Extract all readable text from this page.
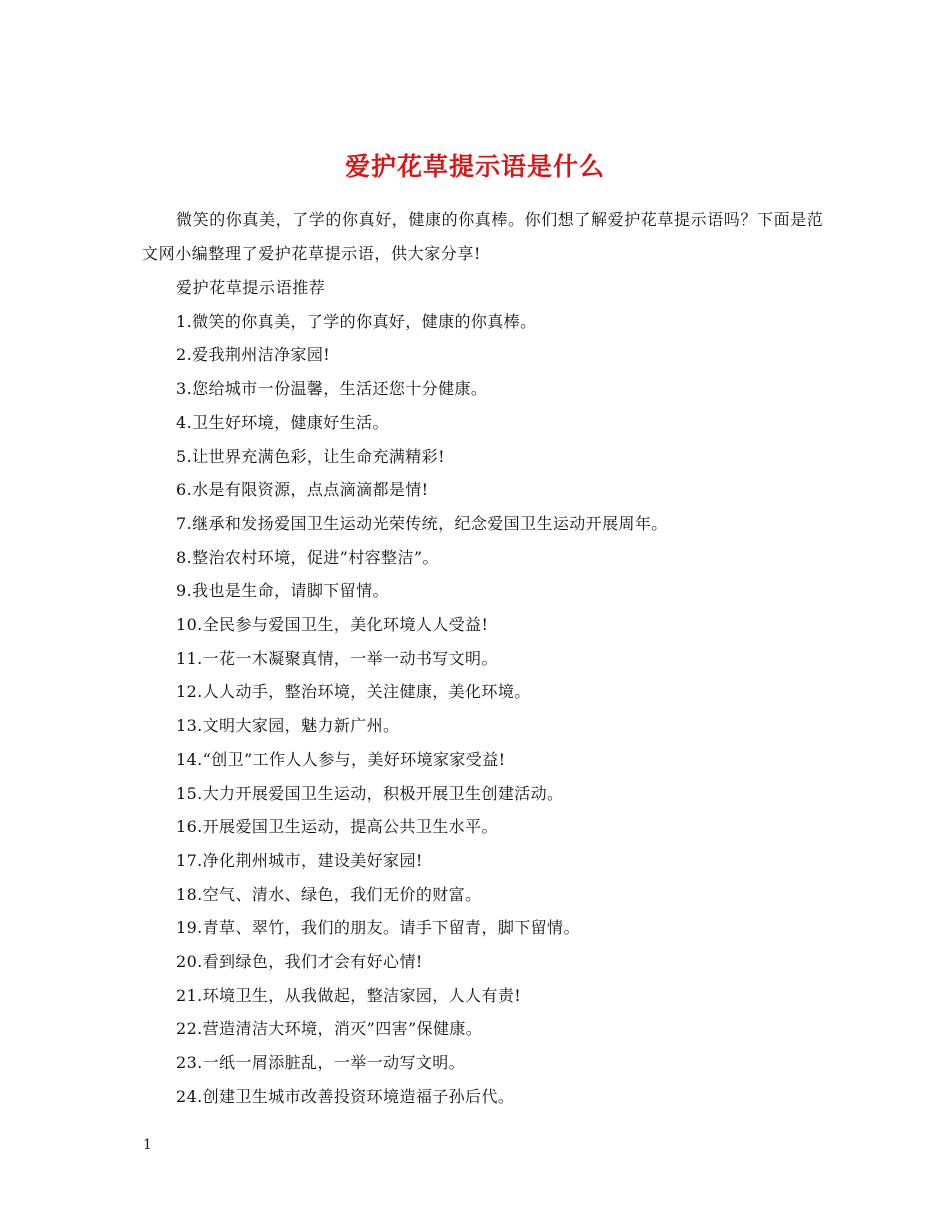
爱护花草提示语是什么

微笑的你真美，了学的你真好，健康的你真棒。你们想了解爱护花草提示语吗？下面是范文网小编整理了爱护花草提示语，供大家分享!

爱护花草提示语推荐

1.微笑的你真美，了学的你真好，健康的你真棒。
2.爱我荆州洁净家园!
3.您给城市一份温馨，生活还您十分健康。
4.卫生好环境，健康好生活。
5.让世界充满色彩，让生命充满精彩!
6.水是有限资源，点点滴滴都是情!
7.继承和发扬爱国卫生运动光荣传统，纪念爱国卫生运动开展周年。
8.整治农村环境，促进”村容整洁”。
9.我也是生命，请脚下留情。
10.全民参与爱国卫生，美化环境人人受益!
11.一花一木凝聚真情，一举一动书写文明。
12.人人动手，整治环境，关注健康，美化环境。
13.文明大家园，魅力新广州。
14.“创卫”工作人人参与，美好环境家家受益!
15.大力开展爱国卫生运动，积极开展卫生创建活动。
16.开展爱国卫生运动，提高公共卫生水平。
17.净化荆州城市，建设美好家园!
18.空气、清水、绿色，我们无价的财富。
19.青草、翠竹，我们的朋友。请手下留青，脚下留情。
20.看到绿色，我们才会有好心情!
21.环境卫生，从我做起，整洁家园，人人有责!
22.营造清洁大环境，消灭”四害”保健康。
23.一纸一屑添脏乱，一举一动写文明。
24.创建卫生城市改善投资环境造福子孙后代。
1
